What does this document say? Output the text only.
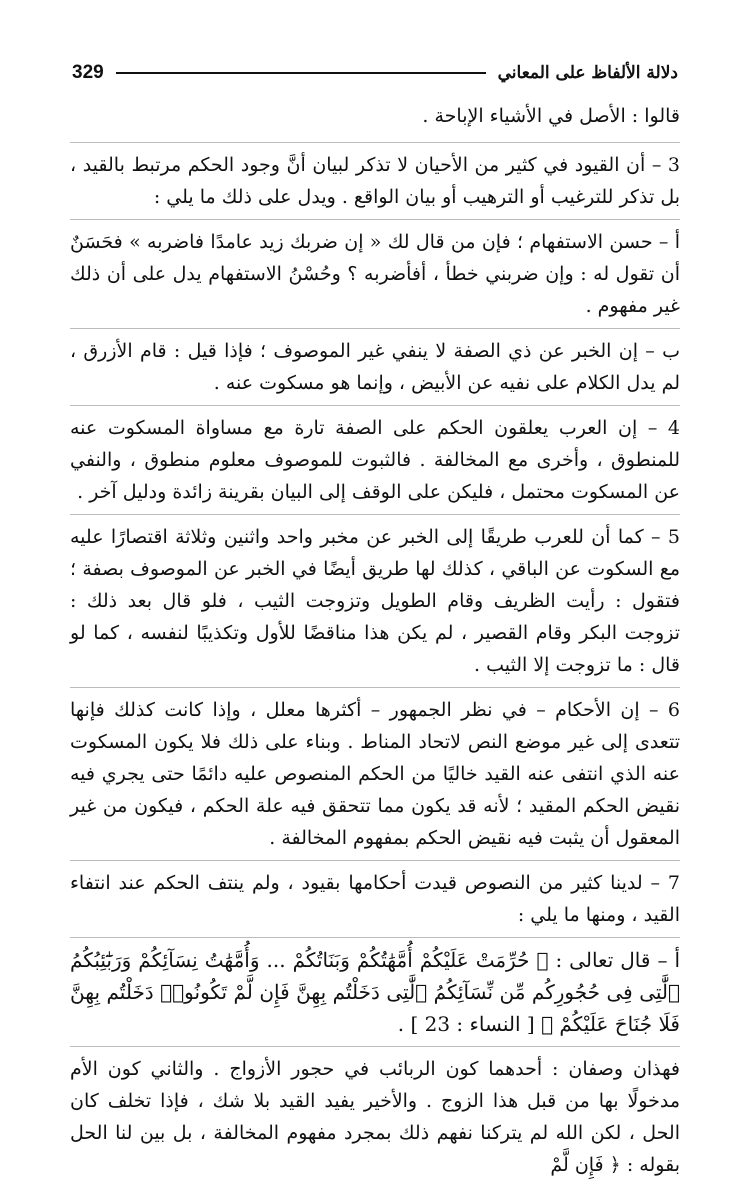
دلالة الألفاظ على المعاني
329

قالوا : الأصل في الأشياء الإباحة .

3 – أن القيود في كثير من الأحيان لا تذكر لبيان أنَّ وجود الحكم مرتبط بالقيد ، بل تذكر للترغيب أو الترهيب أو بيان الواقع . ويدل على ذلك ما يلي :

أ – حسن الاستفهام ؛ فإن من قال لك « إن ضربك زيد عامدًا فاضربه » فحَسَنٌ أن تقول له : وإن ضربني خطأ ، أفأضربه ؟ وحُسْنُ الاستفهام يدل على أن ذلك غير مفهوم .

ب – إن الخبر عن ذي الصفة لا ينفي غير الموصوف ؛ فإذا قيل : قام الأزرق ، لم يدل الكلام على نفيه عن الأبيض ، وإنما هو مسكوت عنه .

4 – إن العرب يعلقون الحكم على الصفة تارة مع مساواة المسكوت عنه للمنطوق ، وأخرى مع المخالفة . فالثبوت للموصوف معلوم منطوق ، والنفي عن المسكوت محتمل ، فليكن على الوقف إلى البيان بقرينة زائدة ودليل آخر .

5 – كما أن للعرب طريقًا إلى الخبر عن مخبر واحد واثنين وثلاثة اقتصارًا عليه مع السكوت عن الباقي ، كذلك لها طريق أيضًا في الخبر عن الموصوف بصفة ؛ فتقول : رأيت الظريف وقام الطويل وتزوجت الثيب ، فلو قال بعد ذلك : تزوجت البكر وقام القصير ، لم يكن هذا مناقضًا للأول وتكذيبًا لنفسه ، كما لو قال : ما تزوجت إلا الثيب .

6 – إن الأحكام – في نظر الجمهور – أكثرها معلل ، وإذا كانت كذلك فإنها تتعدى إلى غير موضع النص لاتحاد المناط . وبناء على ذلك فلا يكون المسكوت عنه الذي انتفى عنه القيد خاليًا من الحكم المنصوص عليه دائمًا حتى يجري فيه نقيض الحكم المقيد ؛ لأنه قد يكون مما تتحقق فيه علة الحكم ، فيكون من غير المعقول أن يثبت فيه نقيض الحكم بمفهوم المخالفة .

7 – لدينا كثير من النصوص قيدت أحكامها بقيود ، ولم ينتف الحكم عند انتفاء القيد ، ومنها ما يلي :

أ – قال تعالى : ﴿ حُرِّمَتْ عَلَيْكُمْ أُمَّهَٰتُكُمْ وَبَنَاتُكُمْ ... وَأُمَّهَٰتُ نِسَآئِكُمْ وَرَبَٰٓئِبُكُمُ ٱلَّٰتِى فِى حُجُورِكُم مِّن نِّسَآئِكُمُ ٱلَّٰتِى دَخَلْتُم بِهِنَّ فَإِن لَّمْ تَكُونُوا۟ دَخَلْتُم بِهِنَّ فَلَا جُنَاحَ عَلَيْكُمْ ﴾ [ النساء : 23 ] .

فهذان وصفان : أحدهما كون الربائب في حجور الأزواج . والثاني كون الأم مدخولًا بها من قبل هذا الزوج . والأخير يفيد القيد بلا شك ، فإذا تخلف كان الحل ، لكن الله لم يتركنا نفهم ذلك بمجرد مفهوم المخالفة ، بل بين لنا الحل بقوله : ﴿ فَإِن لَّمْ
